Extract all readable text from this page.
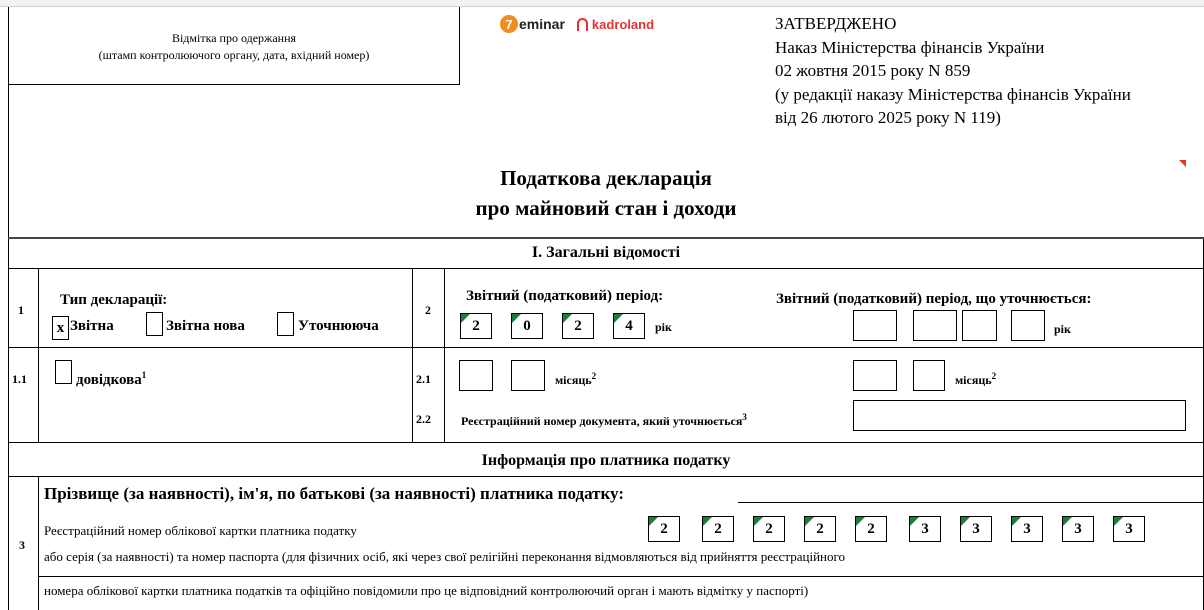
Відмітка про одержання
(штамп контролюючого органу, дата, вхідний номер)
7 eminar kadroland	ЗАТВЕРДЖЕНО
Наказ Міністерства фінансів України
02 жовтня 2015 року N 859
(у редакції наказу Міністерства фінансів України
від 26 лютого 2025 року N 119)
Податкова декларація
про майновий стан і доходи
І. Загальні відомості
1
Тип декларації:
х Звітна	Звітна нова	Уточнююча
2
Звітний (податковий) період:
2	0	2	4	рік
Звітний (податковий) період, що уточнюється:
рік
1.1	довідкова$^1$	2.1	місяць$^2$	місяць$^2$
2.2	Реєстраційний номер документа, який уточнюється$^3$
Інформація про платника податку
3
Прізвище (за наявності), ім'я, по батькові (за наявності) платника податку:
Реєстраційний номер облікової картки платника податку	2	2	2	2	2	3	3	3	3	3
або серія (за наявності) та номер паспорта (для фізичних осіб, які через свої релігійні переконання відмовляються від прийняття реєстраційного
номера облікової картки платника податків та офіційно повідомили про це відповідний контролюючий орган і мають відмітку у паспорті)
